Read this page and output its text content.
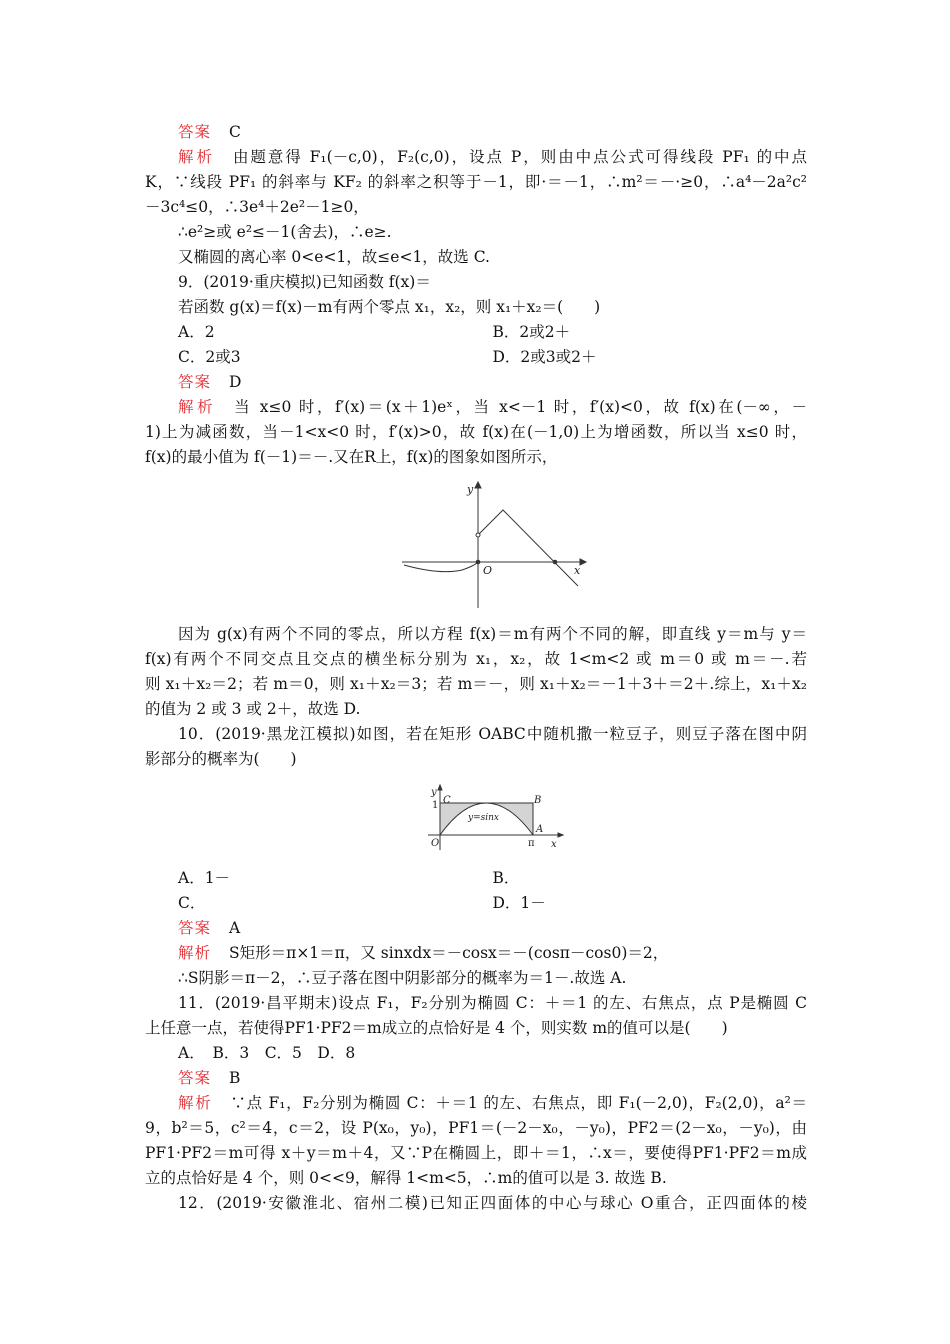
答案 C
解析 由题意得 F₁(－c,0)，F₂(c,0)，设点 P，则由中点公式可得线段 PF₁ 的中点
K，∵线段 PF₁ 的斜率与 KF₂ 的斜率之积等于－1，即·＝－1，∴m²＝－·≥0，∴a⁴－2a²c²
－3c⁴≤0，∴3e⁴＋2e²－1≥0，
∴e²≥或 e²≤－1(舍去)，∴e≥.
又椭圆的离心率 0<e<1，故≤e<1，故选 C.
9．(2019·重庆模拟)已知函数 f(x)＝
若函数 g(x)＝f(x)－m有两个零点 x₁，x₂，则 x₁＋x₂＝(　　)
A．2	B．2或2＋
C．2或3	D．2或3或2＋
答案 D
解析 当 x≤0 时，f′(x)＝(x＋1)eˣ，当 x<－1 时，f′(x)<0，故 f(x)在(－∞，－
1)上为减函数，当－1<x<0 时，f′(x)>0，故 f(x)在(－1,0)上为增函数，所以当 x≤0 时，
f(x)的最小值为 f(－1)＝－.又在R上，f(x)的图象如图所示，
y
O	x
因为 g(x)有两个不同的零点，所以方程 f(x)＝m有两个不同的解，即直线 y＝m与 y＝
f(x)有两个不同交点且交点的横坐标分别为 x₁，x₂，故 1<m<2 或 m＝0 或 m＝－.若
则 x₁＋x₂＝2；若 m＝0，则 x₁＋x₂＝3；若 m＝－，则 x₁＋x₂＝－1＋3＋＝2＋.综上，x₁＋x₂
的值为 2 或 3 或 2＋，故选 D.
10．(2019·黑龙江模拟)如图，若在矩形 OABC中随机撒一粒豆子，则豆子落在图中阴
影部分的概率为(　　)
y
1 C	B
y=sinx
O	π
A
x
A．1－	B．
C．	D．1－
答案 A
解析 S矩形＝π×1＝π，又 sinxdx＝－cosx＝－(cosπ－cos0)＝2，
∴S阴影＝π－2，∴豆子落在图中阴影部分的概率为＝1－.故选 A.
11．(2019·昌平期末)设点 F₁，F₂分别为椭圆 C：＋＝1 的左、右焦点，点 P是椭圆 C
上任意一点，若使得PF1·PF2＝m成立的点恰好是 4 个，则实数 m的值可以是(　　)
A．　B．3　C．5　D．8
答案 B
解析 ∵点 F₁，F₂分别为椭圆 C：＋＝1 的左、右焦点，即 F₁(－2,0)，F₂(2,0)，a²＝
9，b²＝5，c²＝4，c＝2，设 P(x₀，y₀)，PF1＝(－2－x₀，－y₀)，PF2＝(2－x₀，－y₀)，由
PF1·PF2＝m可得 x＋y＝m＋4，又∵P在椭圆上，即＋＝1，∴x＝，要使得PF1·PF2＝m成
立的点恰好是 4 个，则 0<<9，解得 1<m<5，∴m的值可以是 3. 故选 B.
12．(2019·安徽淮北、宿州二模)已知正四面体的中心与球心 O重合，正四面体的棱
